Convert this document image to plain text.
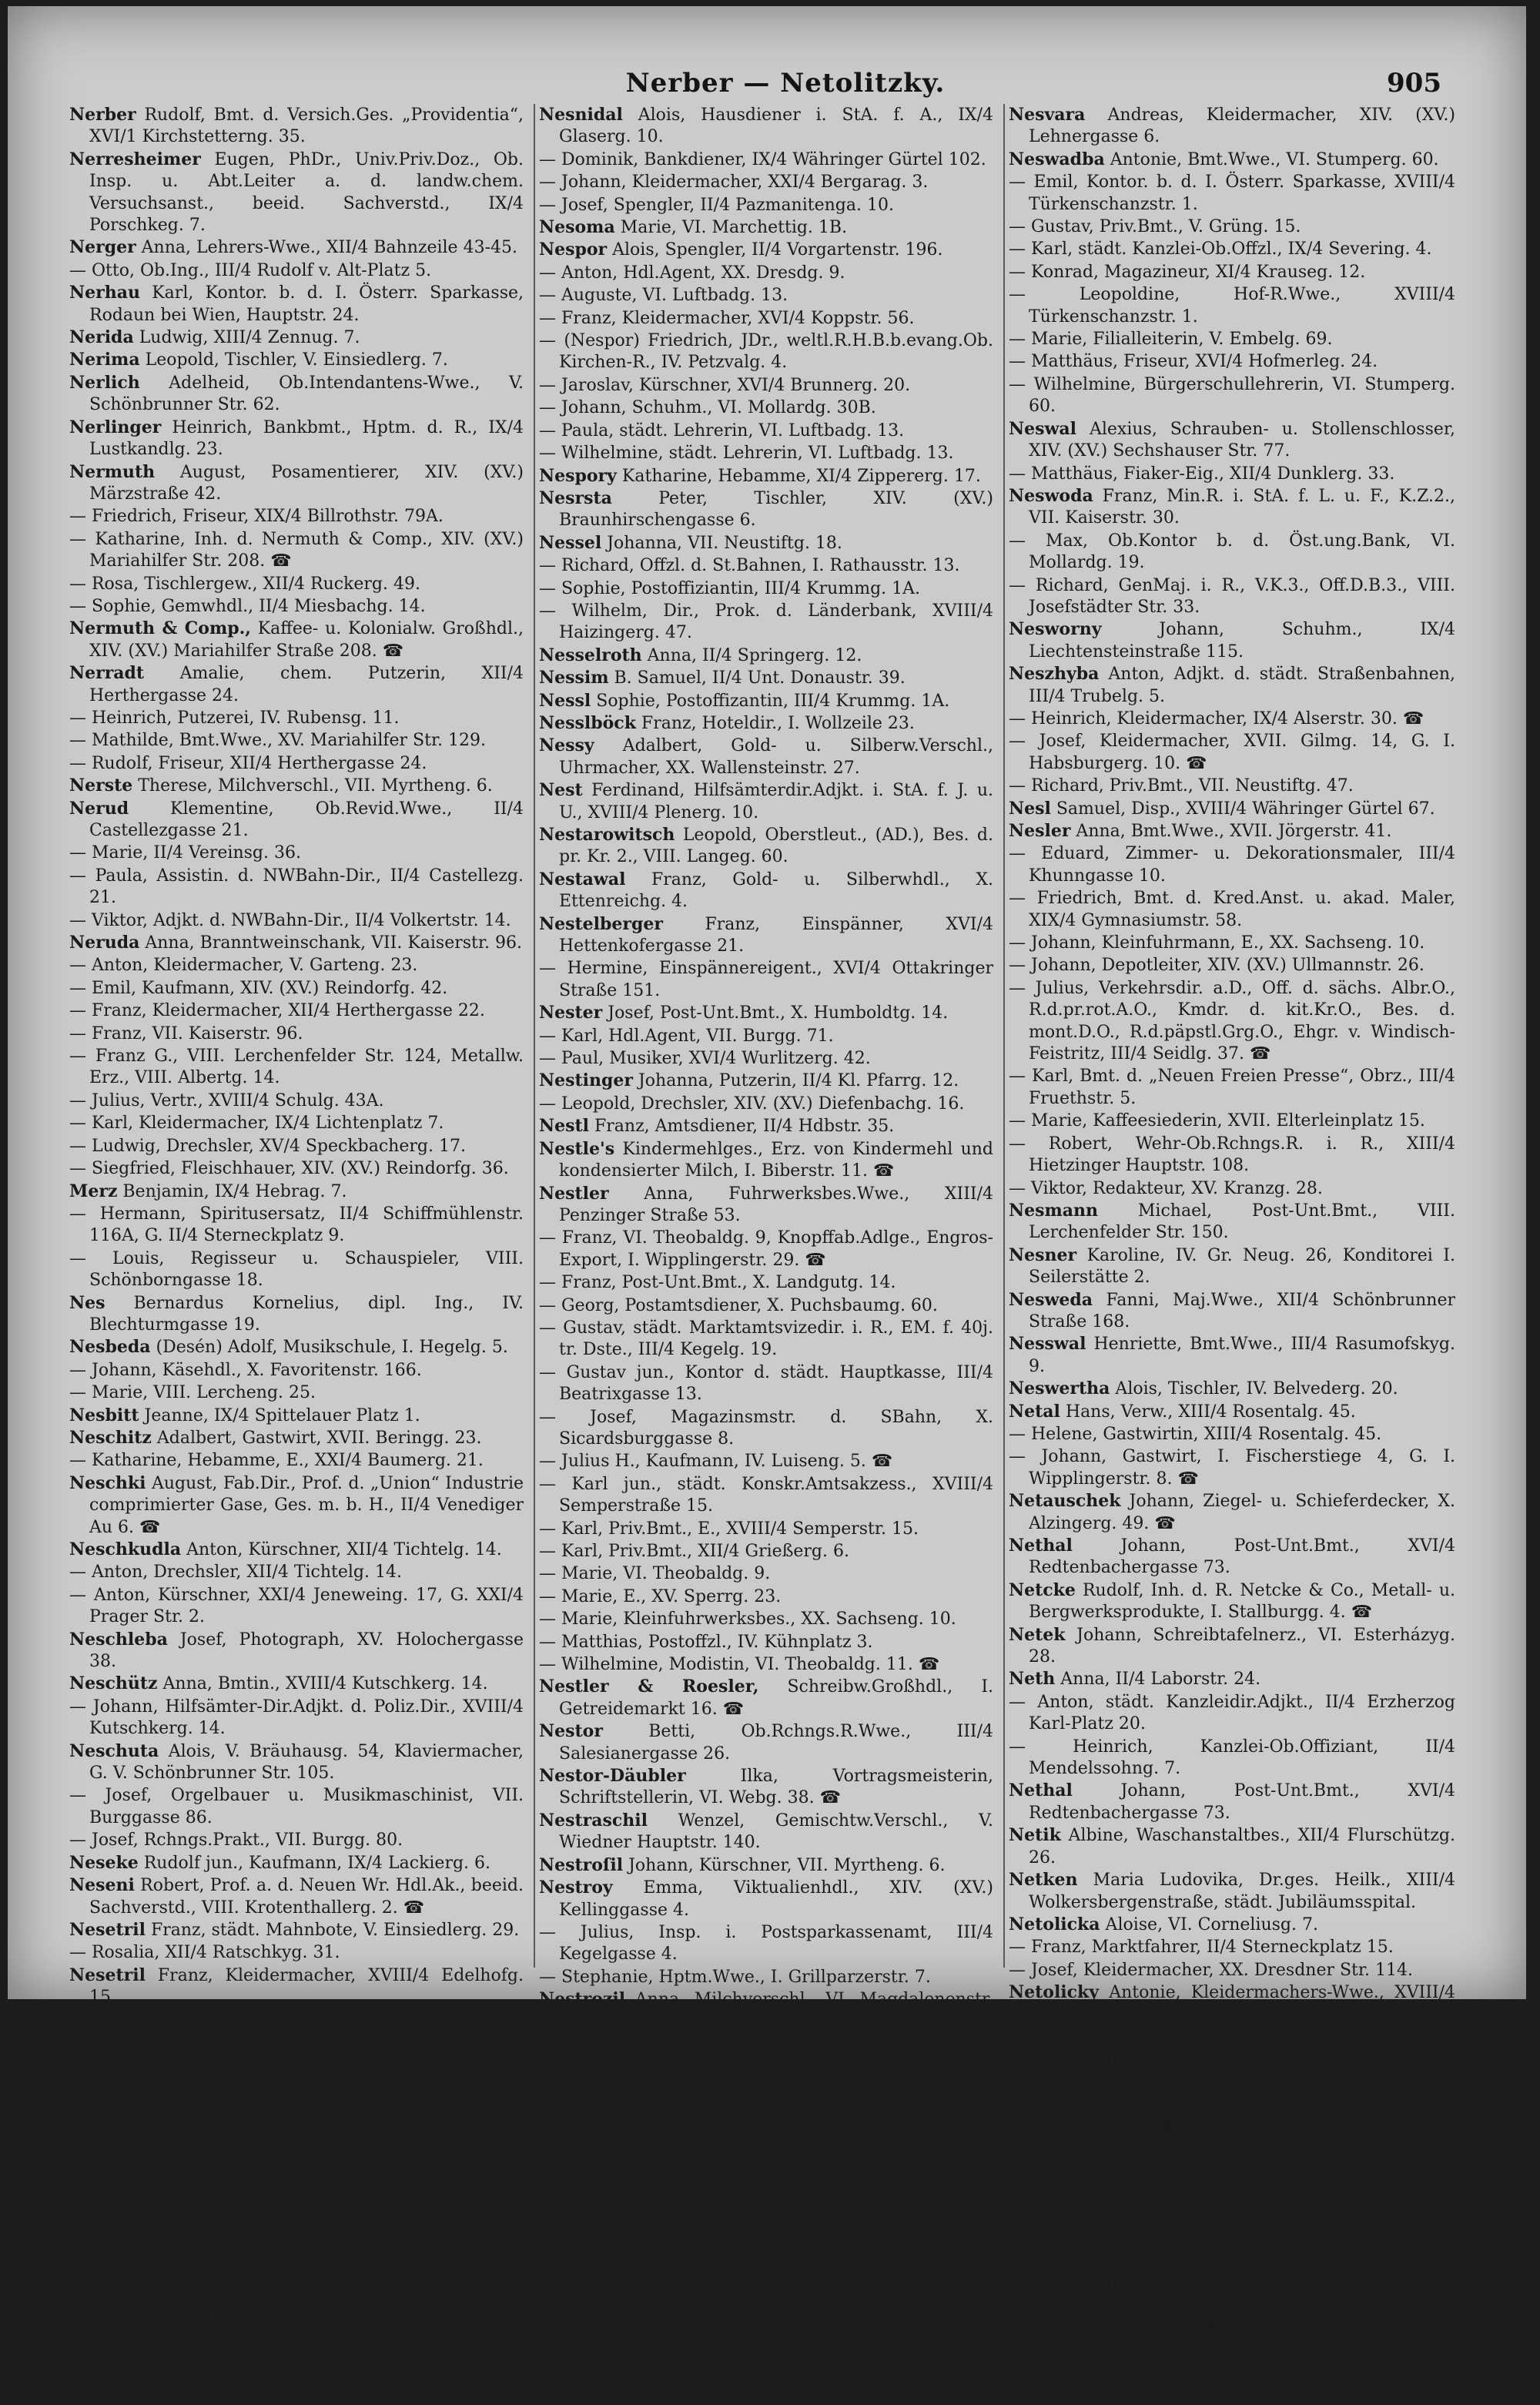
Nerber — Netolitzky.	905
Nerber Rudolf, Bmt. d. Versich.Ges. „Providentia“, XVI/1 Kirchstetterng. 35.
Nerresheimer Eugen, PhDr., Univ.Priv.Doz., Ob. Insp. u. Abt.Leiter a. d. landw.chem. Versuchsanst., beeid. Sachverstd., IX/4 Porschkeg. 7.
Nerger Anna, Lehrers-Wwe., XII/4 Bahnzeile 43-45.
— Otto, Ob.Ing., III/4 Rudolf v. Alt-Platz 5.
Nerhau Karl, Kontor. b. d. I. Österr. Sparkasse, Rodaun bei Wien, Hauptstr. 24.
Nerida Ludwig, XIII/4 Zennug. 7.
Nerima Leopold, Tischler, V. Einsiedlerg. 7.
Nerlich Adelheid, Ob.Intendantens-Wwe., V. Schönbrunner Str. 62.
Nerlinger Heinrich, Bankbmt., Hptm. d. R., IX/4 Lustkandlg. 23.
Nermuth August, Posamentierer, XIV. (XV.) Märzstraße 42.
— Friedrich, Friseur, XIX/4 Billrothstr. 79A.
— Katharine, Inh. d. Nermuth & Comp., XIV. (XV.) Mariahilfer Str. 208. ☎
— Rosa, Tischlergew., XII/4 Ruckerg. 49.
— Sophie, Gemwhdl., II/4 Miesbachg. 14.
Nermuth & Comp., Kaffee- u. Kolonialw. Großhdl., XIV. (XV.) Mariahilfer Straße 208. ☎
Nerradt Amalie, chem. Putzerin, XII/4 Herthergasse 24.
— Heinrich, Putzerei, IV. Rubensg. 11.
— Mathilde, Bmt.Wwe., XV. Mariahilfer Str. 129.
— Rudolf, Friseur, XII/4 Herthergasse 24.
Nerste Therese, Milchverschl., VII. Myrtheng. 6.
Nerud Klementine, Ob.Revid.Wwe., II/4 Castellezgasse 21.
— Marie, II/4 Vereinsg. 36.
— Paula, Assistin. d. NWBahn-Dir., II/4 Castellezg. 21.
— Viktor, Adjkt. d. NWBahn-Dir., II/4 Volkertstr. 14.
Neruda Anna, Branntweinschank, VII. Kaiserstr. 96.
— Anton, Kleidermacher, V. Garteng. 23.
— Emil, Kaufmann, XIV. (XV.) Reindorfg. 42.
— Franz, Kleidermacher, XII/4 Herthergasse 22.
— Franz, VII. Kaiserstr. 96.
— Franz G., VIII. Lerchenfelder Str. 124, Metallw. Erz., VIII. Albertg. 14.
— Julius, Vertr., XVIII/4 Schulg. 43A.
— Karl, Kleidermacher, IX/4 Lichtenplatz 7.
— Ludwig, Drechsler, XV/4 Speckbacherg. 17.
— Siegfried, Fleischhauer, XIV. (XV.) Reindorfg. 36.
Merz Benjamin, IX/4 Hebrag. 7.
— Hermann, Spiritusersatz, II/4 Schiffmühlenstr. 116A, G. II/4 Sterneckplatz 9.
— Louis, Regisseur u. Schauspieler, VIII. Schönborngasse 18.
Nes Bernardus Kornelius, dipl. Ing., IV. Blechturmgasse 19.
Nesbeda (Desén) Adolf, Musikschule, I. Hegelg. 5.
— Johann, Käsehdl., X. Favoritenstr. 166.
— Marie, VIII. Lercheng. 25.
Nesbitt Jeanne, IX/4 Spittelauer Platz 1.
Neschitz Adalbert, Gastwirt, XVII. Beringg. 23.
— Katharine, Hebamme, E., XXI/4 Baumerg. 21.
Neschki August, Fab.Dir., Prof. d. „Union“ Industrie comprimierter Gase, Ges. m. b. H., II/4 Venediger Au 6. ☎
Neschkudla Anton, Kürschner, XII/4 Tichtelg. 14.
— Anton, Drechsler, XII/4 Tichtelg. 14.
— Anton, Kürschner, XXI/4 Jeneweing. 17, G. XXI/4 Prager Str. 2.
Neschleba Josef, Photograph, XV. Holochergasse 38.
Neschütz Anna, Bmtin., XVIII/4 Kutschkerg. 14.
— Johann, Hilfsämter-Dir.Adjkt. d. Poliz.Dir., XVIII/4 Kutschkerg. 14.
Neschuta Alois, V. Bräuhausg. 54, Klaviermacher, G. V. Schönbrunner Str. 105.
— Josef, Orgelbauer u. Musikmaschinist, VII. Burggasse 86.
— Josef, Rchngs.Prakt., VII. Burgg. 80.
Neseke Rudolf jun., Kaufmann, IX/4 Lackierg. 6.
Neseni Robert, Prof. a. d. Neuen Wr. Hdl.Ak., beeid. Sachverstd., VIII. Krotenthallerg. 2. ☎
Nesetril Franz, städt. Mahnbote, V. Einsiedlerg. 29.
— Rosalia, XII/4 Ratschkyg. 31.
Nesetril Franz, Kleidermacher, XVIII/4 Edelhofg. 15.
Neshuba Franz, Amtsdiener, VIII. Albertg. 31.
— Richard, K., XVII. Gilmg. 14.
Nesiba Johann, Tischler, XX. Karajang. 7.
Neskovits Stephan, Marktfahrer, XVI/4 Lambertgasse 9.
Neskrabal Wenzel, städt. Maschinist, XVI/4 Herbststraße 50—52.
Neskusyl Josefa, X. Erlachg. 124.
Nesladek Franz, Kleidermacher, V. Jahng. 18.
Nesmerak Johann, Kammacher, XVIII/4 Plenerg. 15.
— Marie, Parfümeriew.Gesch., XVIII/4 Währinger Straße 132.
Nesmirak Karoline, III/4 Oberzellerg. 20.
Nesnidal Alois, Hausdiener i. StA. f. A., IX/4 Glaserg. 10.
— Dominik, Bankdiener, IX/4 Währinger Gürtel 102.
— Johann, Kleidermacher, XXI/4 Bergarag. 3.
— Josef, Spengler, II/4 Pazmanitenga. 10.
Nesoma Marie, VI. Marchettig. 1B.
Nespor Alois, Spengler, II/4 Vorgartenstr. 196.
— Anton, Hdl.Agent, XX. Dresdg. 9.
— Auguste, VI. Luftbadg. 13.
— Franz, Kleidermacher, XVI/4 Koppstr. 56.
— (Nespor) Friedrich, JDr., weltl.R.H.B.b.evang.Ob. Kirchen-R., IV. Petzvalg. 4.
— Jaroslav, Kürschner, XVI/4 Brunnerg. 20.
— Johann, Schuhm., VI. Mollardg. 30B.
— Paula, städt. Lehrerin, VI. Luftbadg. 13.
— Wilhelmine, städt. Lehrerin, VI. Luftbadg. 13.
Nespory Katharine, Hebamme, XI/4 Zippererg. 17.
Nesrsta Peter, Tischler, XIV. (XV.) Braunhirschengasse 6.
Nessel Johanna, VII. Neustiftg. 18.
— Richard, Offzl. d. St.Bahnen, I. Rathausstr. 13.
— Sophie, Postoffiziantin, III/4 Krummg. 1A.
— Wilhelm, Dir., Prok. d. Länderbank, XVIII/4 Haizingerg. 47.
Nesselroth Anna, II/4 Springerg. 12.
Nessim B. Samuel, II/4 Unt. Donaustr. 39.
Nessl Sophie, Postoffizantin, III/4 Krummg. 1A.
Nesslböck Franz, Hoteldir., I. Wollzeile 23.
Nessy Adalbert, Gold- u. Silberw.Verschl., Uhrmacher, XX. Wallensteinstr. 27.
Nest Ferdinand, Hilfsämterdir.Adjkt. i. StA. f. J. u. U., XVIII/4 Plenerg. 10.
Nestarowitsch Leopold, Oberstleut., (AD.), Bes. d. pr. Kr. 2., VIII. Langeg. 60.
Nestawal Franz, Gold- u. Silberwhdl., X. Ettenreichg. 4.
Nestelberger Franz, Einspänner, XVI/4 Hettenkofergasse 21.
— Hermine, Einspännereigent., XVI/4 Ottakringer Straße 151.
Nester Josef, Post-Unt.Bmt., X. Humboldtg. 14.
— Karl, Hdl.Agent, VII. Burgg. 71.
— Paul, Musiker, XVI/4 Wurlitzerg. 42.
Nestinger Johanna, Putzerin, II/4 Kl. Pfarrg. 12.
— Leopold, Drechsler, XIV. (XV.) Diefenbachg. 16.
Nestl Franz, Amtsdiener, II/4 Hdbstr. 35.
Nestle's Kindermehlges., Erz. von Kindermehl und kondensierter Milch, I. Biberstr. 11. ☎
Nestler Anna, Fuhrwerksbes.Wwe., XIII/4 Penzinger Straße 53.
— Franz, VI. Theobaldg. 9, Knopffab.Adlge., Engros-Export, I. Wipplingerstr. 29. ☎
— Franz, Post-Unt.Bmt., X. Landgutg. 14.
— Georg, Postamtsdiener, X. Puchsbaumg. 60.
— Gustav, städt. Marktamtsvizedir. i. R., EM. f. 40j. tr. Dste., III/4 Kegelg. 19.
— Gustav jun., Kontor d. städt. Hauptkasse, III/4 Beatrixgasse 13.
— Josef, Magazinsmstr. d. SBahn, X. Sicardsburggasse 8.
— Julius H., Kaufmann, IV. Luiseng. 5. ☎
— Karl jun., städt. Konskr.Amtsakzess., XVIII/4 Semperstraße 15.
— Karl, Priv.Bmt., E., XVIII/4 Semperstr. 15.
— Karl, Priv.Bmt., XII/4 Grießerg. 6.
— Marie, VI. Theobaldg. 9.
— Marie, E., XV. Sperrg. 23.
— Marie, Kleinfuhrwerksbes., XX. Sachseng. 10.
— Matthias, Postoffzl., IV. Kühnplatz 3.
— Wilhelmine, Modistin, VI. Theobaldg. 11. ☎
Nestler & Roesler, Schreibw.Großhdl., I. Getreidemarkt 16. ☎
Nestor Betti, Ob.Rchngs.R.Wwe., III/4 Salesianergasse 26.
Nestor-Däubler Ilka, Vortragsmeisterin, Schriftstellerin, VI. Webg. 38. ☎
Nestraschil Wenzel, Gemischtw.Verschl., V. Wiedner Hauptstr. 140.
Nestroſil Johann, Kürschner, VII. Myrtheng. 6.
Nestroy Emma, Viktualienhdl., XIV. (XV.) Kellinggasse 4.
— Julius, Insp. i. Postsparkassenamt, III/4 Kegelgasse 4.
— Stephanie, Hptm.Wwe., I. Grillparzerstr. 7.
Nestrozil Anna, Milchverschl., VI. Magdalenenstr. 15.
Nestuz Georg, PhMr., IX/4 Sobieskig. 2.
Nesuta Johann, Kleidermacher, I. Stephansplatz 6. ☎
Nesvadba Innozenz, Skontist, XII/4 Ratschkyg. 48.
— Josef, Kleidermacher, VIII. Lercheng. 24.
— Josef, Tischler, XII/4 Aichholzg. 29.
Nesvacil Josef, Schuhm., XIII/4 Kuefsteing. 4.
— Karl, Schuhm., XIV. (XV.) Meiselstr. 52.
Nesvara Andreas, Kleidermacher, XIV. (XV.) Lehnergasse 6.
Neswadba Antonie, Bmt.Wwe., VI. Stumperg. 60.
— Emil, Kontor. b. d. I. Österr. Sparkasse, XVIII/4 Türkenschanzstr. 1.
— Gustav, Priv.Bmt., V. Grüng. 15.
— Karl, städt. Kanzlei-Ob.Offzl., IX/4 Severing. 4.
— Konrad, Magazineur, XI/4 Krauseg. 12.
— Leopoldine, Hof-R.Wwe., XVIII/4 Türkenschanzstr. 1.
— Marie, Filialleiterin, V. Embelg. 69.
— Matthäus, Friseur, XVI/4 Hofmerleg. 24.
— Wilhelmine, Bürgerschullehrerin, VI. Stumperg. 60.
Neswal Alexius, Schrauben- u. Stollenschlosser, XIV. (XV.) Sechshauser Str. 77.
— Matthäus, Fiaker-Eig., XII/4 Dunklerg. 33.
Neswoda Franz, Min.R. i. StA. f. L. u. F., K.Z.2., VII. Kaiserstr. 30.
— Max, Ob.Kontor b. d. Öst.ung.Bank, VI. Mollardg. 19.
— Richard, GenMaj. i. R., V.K.3., Off.D.B.3., VIII. Josefstädter Str. 33.
Nesworny Johann, Schuhm., IX/4 Liechtensteinstraße 115.
Neszhyba Anton, Adjkt. d. städt. Straßenbahnen, III/4 Trubelg. 5.
— Heinrich, Kleidermacher, IX/4 Alserstr. 30. ☎
— Josef, Kleidermacher, XVII. Gilmg. 14, G. I. Habsburgerg. 10. ☎
— Richard, Priv.Bmt., VII. Neustiftg. 47.
Nesl Samuel, Disp., XVIII/4 Währinger Gürtel 67.
Nesler Anna, Bmt.Wwe., XVII. Jörgerstr. 41.
— Eduard, Zimmer- u. Dekorationsmaler, III/4 Khunngasse 10.
— Friedrich, Bmt. d. Kred.Anst. u. akad. Maler, XIX/4 Gymnasiumstr. 58.
— Johann, Kleinfuhrmann, E., XX. Sachseng. 10.
— Johann, Depotleiter, XIV. (XV.) Ullmannstr. 26.
— Julius, Verkehrsdir. a.D., Off. d. sächs. Albr.O., R.d.pr.rot.A.O., Kmdr. d. kit.Kr.O., Bes. d. mont.D.O., R.d.päpstl.Grg.O., Ehgr. v. Windisch-Feistritz, III/4 Seidlg. 37. ☎
— Karl, Bmt. d. „Neuen Freien Presse“, Obrz., III/4 Fruethstr. 5.
— Marie, Kaffeesiederin, XVII. Elterleinplatz 15.
— Robert, Wehr-Ob.Rchngs.R. i. R., XIII/4 Hietzinger Hauptstr. 108.
— Viktor, Redakteur, XV. Kranzg. 28.
Nesmann Michael, Post-Unt.Bmt., VIII. Lerchenfelder Str. 150.
Nesner Karoline, IV. Gr. Neug. 26, Konditorei I. Seilerstätte 2.
Nesweda Fanni, Maj.Wwe., XII/4 Schönbrunner Straße 168.
Nesswal Henriette, Bmt.Wwe., III/4 Rasumofskyg. 9.
Neswertha Alois, Tischler, IV. Belvederg. 20.
Netal Hans, Verw., XIII/4 Rosentalg. 45.
— Helene, Gastwirtin, XIII/4 Rosentalg. 45.
— Johann, Gastwirt, I. Fischerstiege 4, G. I. Wipplingerstr. 8. ☎
Netauschek Johann, Ziegel- u. Schieferdecker, X. Alzingerg. 49. ☎
Nethal Johann, Post-Unt.Bmt., XVI/4 Redtenbachergasse 73.
Netcke Rudolf, Inh. d. R. Netcke & Co., Metall- u. Bergwerksprodukte, I. Stallburgg. 4. ☎
Netek Johann, Schreibtafelnerz., VI. Esterházyg. 28.
Neth Anna, II/4 Laborstr. 24.
— Anton, städt. Kanzleidir.Adjkt., II/4 Erzherzog Karl-Platz 20.
— Heinrich, Kanzlei-Ob.Offiziant, II/4 Mendelssohng. 7.
Nethal Johann, Post-Unt.Bmt., XVI/4 Redtenbachergasse 73.
Netik Albine, Waschanstaltbes., XII/4 Flurschützg. 26.
Netken Maria Ludovika, Dr.ges. Heilk., XIII/4 Wolkersbergenstraße, städt. Jubiläumsspital.
Netolicka Aloise, VI. Corneliusg. 7.
— Franz, Marktfahrer, II/4 Sterneckplatz 15.
— Josef, Kleidermacher, XX. Dresdner Str. 114.
Netolicky Antonie, Kleidermachers-Wwe., XVIII/4 Schulg. 62.
— Johann, XIII/4 Sechshauser Str. 89.
— Karl, Gemischtw.Verschl., XX. Innstr. 1.
Netoliczka Franz, JDr., Regr.R. i. Postsparkassenamt, K. d. päpstl. Grg.O., VI. Stumperg. 30. ☎
— Olga, Regr.R.Gattin, Bz.R., VI. Stumperg. 30.
Netolitzky Fritz, PhDr., Prof., Fachreferent d. StA. f. Volksern., V. Kl. Neug. 5.
Netolitzky Johann sen., XIV. (XV.) Sechshauser Str. 54, Seilerm.Erz., XIV. (XV.) Sechshauser Str. 68—70. ☎
— Johann jun., XIV. (XV.) Sechshauser Str. 68—70, Tapezierer- u. Sattlerzugehörverschl., XIV. (XV.) Braunhirscheng. 4. ☎
— Rudolf, Seilerw.Adlge., XV. Sechshauser Str. 6. ☎
— Stanislaus, Kanditenverschl., XX. Othmarg. 44.
